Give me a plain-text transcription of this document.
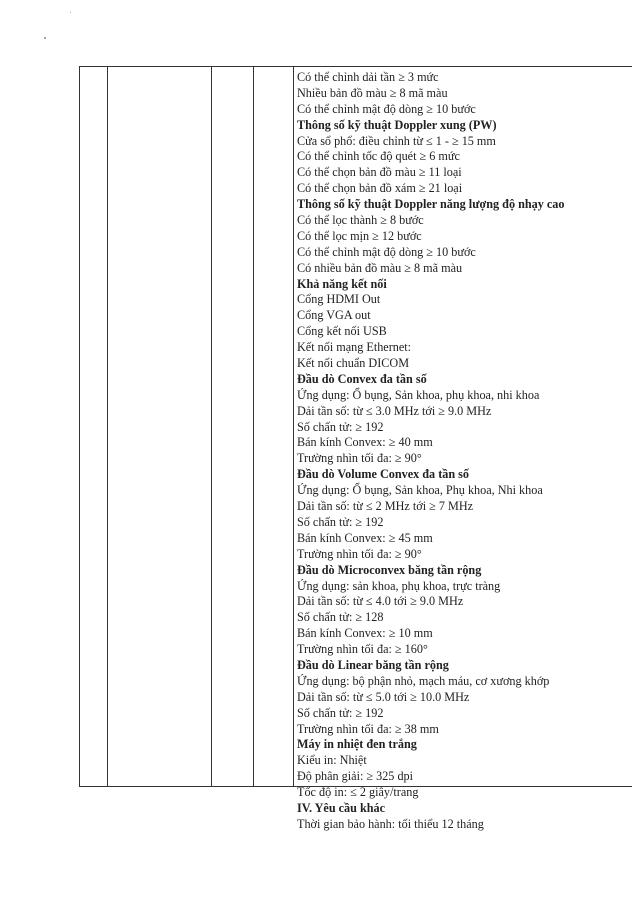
Có thể chỉnh dải tần ≥ 3 mức
Nhiều bản đồ màu ≥ 8 mã màu
Có thể chỉnh mật độ dòng ≥ 10 bước
Thông số kỹ thuật Doppler xung (PW)
Cửa sổ phổ: điều chỉnh từ ≤ 1 - ≥ 15 mm
Có thể chỉnh tốc độ quét ≥ 6 mức
Có thể chọn bản đồ màu ≥ 11 loại
Có thể chọn bản đồ xám ≥ 21 loại
Thông số kỹ thuật Doppler năng lượng độ nhạy cao
Có thể lọc thành ≥ 8 bước
Có thể lọc mịn ≥ 12 bước
Có thể chỉnh mật độ dòng ≥ 10 bước
Có nhiều bản đồ màu ≥ 8 mã màu
Khả năng kết nối
Cổng HDMI Out
Cổng VGA out
Cổng kết nối USB
Kết nối mạng Ethernet:
Kết nối chuẩn DICOM
Đầu dò Convex đa tần số
Ứng dụng: Ổ bụng, Sản khoa, phụ khoa, nhi khoa
Dải tần số: từ ≤ 3.0 MHz tới ≥ 9.0 MHz
Số chấn tử: ≥ 192
Bán kính Convex: ≥ 40 mm
Trường nhìn tối đa: ≥ 90°
Đầu dò Volume Convex đa tần số
Ứng dụng: Ổ bụng, Sản khoa, Phụ khoa, Nhi khoa
Dải tần số: từ ≤ 2 MHz tới ≥ 7 MHz
Số chấn tử: ≥ 192
Bán kính Convex: ≥ 45 mm
Trường nhìn tối đa: ≥ 90°
Đầu dò Microconvex băng tần rộng
Ứng dụng: sản khoa, phụ khoa, trực tràng
Dải tần số: từ ≤ 4.0 tới ≥ 9.0 MHz
Số chấn tử: ≥ 128
Bán kính Convex: ≥ 10 mm
Trường nhìn tối đa: ≥ 160°
Đầu dò Linear băng tần rộng
Ứng dụng: bộ phận nhỏ, mạch máu, cơ xương khớp
Dải tần số: từ ≤ 5.0 tới ≥ 10.0 MHz
Số chấn tử: ≥ 192
Trường nhìn tối đa: ≥ 38 mm
Máy in nhiệt đen trắng
Kiểu in: Nhiệt
Độ phân giải: ≥ 325 dpi
Tốc độ in: ≤ 2 giây/trang
IV. Yêu cầu khác
Thời gian bảo hành: tối thiểu 12 tháng
